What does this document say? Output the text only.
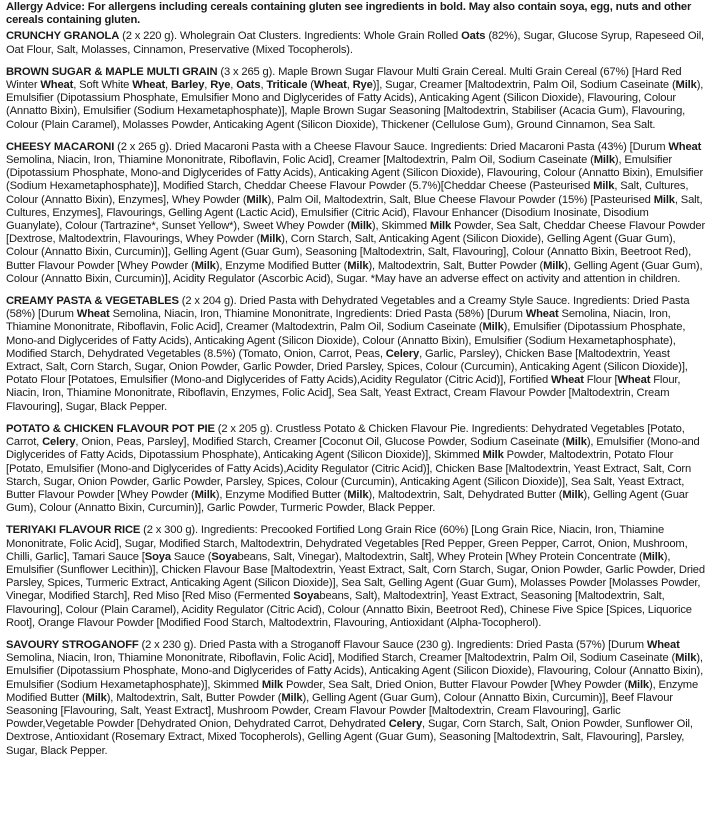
Allergy Advice: For allergens including cereals containing gluten see ingredients in bold. May also contain soya, egg, nuts and other cereals containing gluten.

CRUNCHY GRANOLA (2 x 220 g). Wholegrain Oat Clusters. Ingredients: Whole Grain Rolled Oats (82%), Sugar, Glucose Syrup, Rapeseed Oil, Oat Flour, Salt, Molasses, Cinnamon, Preservative (Mixed Tocopherols).

BROWN SUGAR & MAPLE MULTI GRAIN (3 x 265 g). Maple Brown Sugar Flavour Multi Grain Cereal. Multi Grain Cereal (67%) [Hard Red Winter Wheat, Soft White Wheat, Barley, Rye, Oats, Triticale (Wheat, Rye)], Sugar, Creamer [Maltodextrin, Palm Oil, Sodium Caseinate (Milk), Emulsifier (Dipotassium Phosphate, Emulsifier Mono and Diglycerides of Fatty Acids), Anticaking Agent (Silicon Dioxide), Flavouring, Colour (Annatto Bixin), Emulsifier (Sodium Hexametaphosphate)], Maple Brown Sugar Seasoning [Maltodextrin, Stabiliser (Acacia Gum), Flavouring, Colour (Plain Caramel), Molasses Powder, Anticaking Agent (Silicon Dioxide), Thickener (Cellulose Gum), Ground Cinnamon, Sea Salt.

CHEESY MACARONI (2 x 265 g). Dried Macaroni Pasta with a Cheese Flavour Sauce. Ingredients: Dried Macaroni Pasta (43%) [Durum Wheat Semolina, Niacin, Iron, Thiamine Mononitrate, Riboflavin, Folic Acid], Creamer [Maltodextrin, Palm Oil, Sodium Caseinate (Milk), Emulsifier (Dipotassium Phosphate, Mono-and Diglycerides of Fatty Acids), Anticaking Agent (Silicon Dioxide), Flavouring, Colour (Annatto Bixin), Emulsifier (Sodium Hexametaphosphate)], Modified Starch, Cheddar Cheese Flavour Powder (5.7%)[Cheddar Cheese (Pasteurised Milk, Salt, Cultures, Colour (Annatto Bixin), Enzymes], Whey Powder (Milk), Palm Oil, Maltodextrin, Salt, Blue Cheese Flavour Powder (15%) [Pasteurised Milk, Salt, Cultures, Enzymes], Flavourings, Gelling Agent (Lactic Acid), Emulsifier (Citric Acid), Flavour Enhancer (Disodium Inosinate, Disodium Guanylate), Colour (Tartrazine*, Sunset Yellow*), Sweet Whey Powder (Milk), Skimmed Milk Powder, Sea Salt, Cheddar Cheese Flavour Powder [Dextrose, Maltodextrin, Flavourings, Whey Powder (Milk), Corn Starch, Salt, Anticaking Agent (Silicon Dioxide), Gelling Agent (Guar Gum), Colour (Annatto Bixin, Curcumin)], Gelling Agent (Guar Gum), Seasoning [Maltodextrin, Salt, Flavouring], Colour (Annatto Bixin, Beetroot Red), Butter Flavour Powder [Whey Powder (Milk), Enzyme Modified Butter (Milk), Maltodextrin, Salt, Butter Powder (Milk), Gelling Agent (Guar Gum), Colour (Annatto Bixin, Curcumin)], Acidity Regulator (Ascorbic Acid), Sugar. *May have an adverse effect on activity and attention in children.

CREAMY PASTA & VEGETABLES (2 x 204 g). Dried Pasta with Dehydrated Vegetables and a Creamy Style Sauce. Ingredients: Dried Pasta (58%) [Durum Wheat Semolina, Niacin, Iron, Thiamine Mononitrate, Ingredients: Dried Pasta (58%) [Durum Wheat Semolina, Niacin, Iron, Thiamine Mononitrate, Riboflavin, Folic Acid], Creamer (Maltodextrin, Palm Oil, Sodium Caseinate (Milk), Emulsifier (Dipotassium Phosphate, Mono-and Diglycerides of Fatty Acids), Anticaking Agent (Silicon Dioxide), Colour (Annatto Bixin), Emulsifier (Sodium Hexametaphosphate), Modified Starch, Dehydrated Vegetables (8.5%) (Tomato, Onion, Carrot, Peas, Celery, Garlic, Parsley), Chicken Base [Maltodextrin, Yeast Extract, Salt, Corn Starch, Sugar, Onion Powder, Garlic Powder, Dried Parsley, Spices, Colour (Curcumin), Anticaking Agent (Silicon Dioxide)], Potato Flour [Potatoes, Emulsifier (Mono-and Diglycerides of Fatty Acids),Acidity Regulator (Citric Acid)], Fortified Wheat Flour [Wheat Flour, Niacin, Iron, Thiamine Mononitrate, Riboflavin, Enzymes, Folic Acid], Sea Salt, Yeast Extract, Cream Flavour Powder [Maltodextrin, Cream Flavouring], Sugar, Black Pepper.

POTATO & CHICKEN FLAVOUR POT PIE (2 x 205 g). Crustless Potato & Chicken Flavour Pie. Ingredients: Dehydrated Vegetables [Potato, Carrot, Celery, Onion, Peas, Parsley], Modified Starch, Creamer [Coconut Oil, Glucose Powder, Sodium Caseinate (Milk), Emulsifier (Mono-and Diglycerides of Fatty Acids, Dipotassium Phosphate), Anticaking Agent (Silicon Dioxide)], Skimmed Milk Powder, Maltodextrin, Potato Flour [Potato, Emulsifier (Mono-and Diglycerides of Fatty Acids),Acidity Regulator (Citric Acid)], Chicken Base [Maltodextrin, Yeast Extract, Salt, Corn Starch, Sugar, Onion Powder, Garlic Powder, Parsley, Spices, Colour (Curcumin), Anticaking Agent (Silicon Dioxide)], Sea Salt, Yeast Extract, Butter Flavour Powder [Whey Powder (Milk), Enzyme Modified Butter (Milk), Maltodextrin, Salt, Dehydrated Butter (Milk), Gelling Agent (Guar Gum), Colour (Annatto Bixin, Curcumin)], Garlic Powder, Turmeric Powder, Black Pepper.

TERIYAKI FLAVOUR RICE (2 x 300 g). Ingredients: Precooked Fortified Long Grain Rice (60%) [Long Grain Rice, Niacin, Iron, Thiamine Mononitrate, Folic Acid], Sugar, Modified Starch, Maltodextrin, Dehydrated Vegetables [Red Pepper, Green Pepper, Carrot, Onion, Mushroom, Chilli, Garlic], Tamari Sauce [Soya Sauce (Soyabeans, Salt, Vinegar), Maltodextrin, Salt], Whey Protein [Whey Protein Concentrate (Milk), Emulsifier (Sunflower Lecithin)], Chicken Flavour Base [Maltodextrin, Yeast Extract, Salt, Corn Starch, Sugar, Onion Powder, Garlic Powder, Dried Parsley, Spices, Turmeric Extract, Anticaking Agent (Silicon Dioxide)], Sea Salt, Gelling Agent (Guar Gum), Molasses Powder [Molasses Powder, Vinegar, Modified Starch], Red Miso [Red Miso (Fermented Soyabeans, Salt), Maltodextrin], Yeast Extract, Seasoning [Maltodextrin, Salt, Flavouring], Colour (Plain Caramel), Acidity Regulator (Citric Acid), Colour (Annatto Bixin, Beetroot Red), Chinese Five Spice [Spices, Liquorice Root], Orange Flavour Powder [Modified Food Starch, Maltodextrin, Flavouring, Antioxidant (Alpha-Tocopherol).

SAVOURY STROGANOFF (2 x 230 g). Dried Pasta with a Stroganoff Flavour Sauce (230 g). Ingredients: Dried Pasta (57%) [Durum Wheat Semolina, Niacin, Iron, Thiamine Mononitrate, Riboflavin, Folic Acid], Modified Starch, Creamer [Maltodextrin, Palm Oil, Sodium Caseinate (Milk), Emulsifier (Dipotassium Phosphate, Mono-and Diglycerides of Fatty Acids), Anticaking Agent (Silicon Dioxide), Flavouring, Colour (Annatto Bixin), Emulsifier (Sodium Hexametaphosphate)], Skimmed Milk Powder, Sea Salt, Dried Onion, Butter Flavour Powder [Whey Powder (Milk), Enzyme Modified Butter (Milk), Maltodextrin, Salt, Butter Powder (Milk), Gelling Agent (Guar Gum), Colour (Annatto Bixin, Curcumin)], Beef Flavour Seasoning [Flavouring, Salt, Yeast Extract], Mushroom Powder, Cream Flavour Powder [Maltodextrin, Cream Flavouring], Garlic Powder,Vegetable Powder [Dehydrated Onion, Dehydrated Carrot, Dehydrated Celery, Sugar, Corn Starch, Salt, Onion Powder, Sunflower Oil, Dextrose, Antioxidant (Rosemary Extract, Mixed Tocopherols), Gelling Agent (Guar Gum), Seasoning [Maltodextrin, Salt, Flavouring], Parsley, Sugar, Black Pepper.
